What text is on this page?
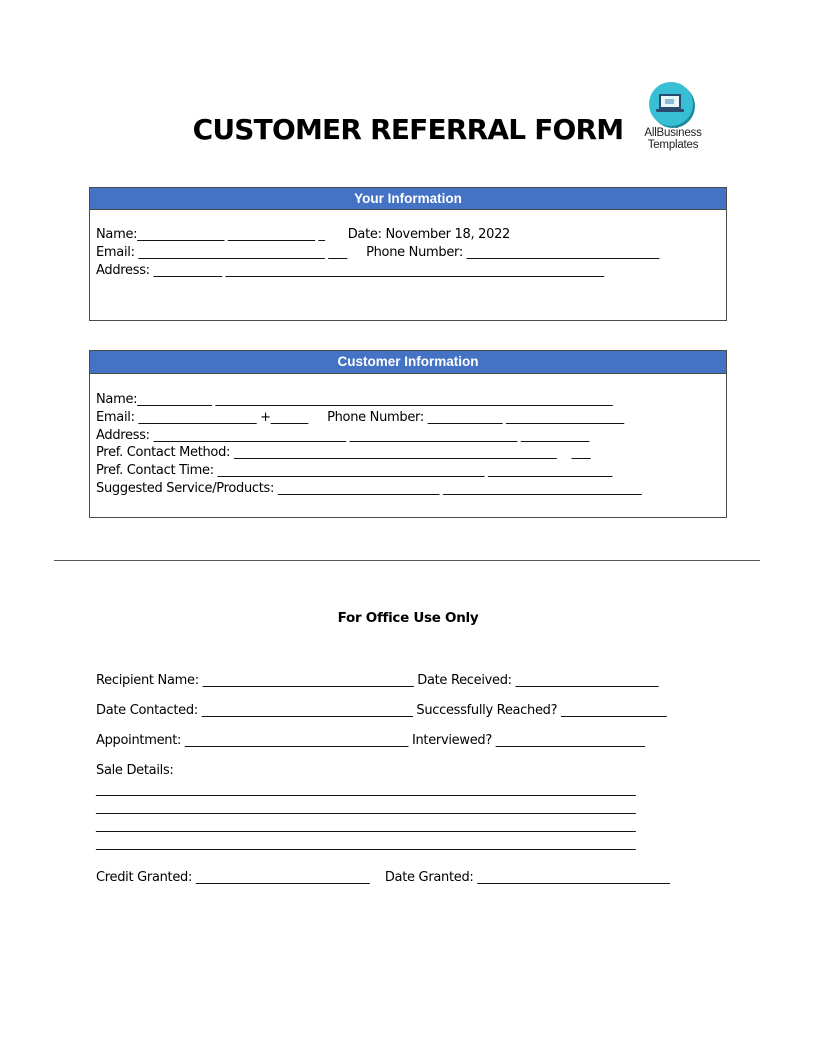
CUSTOMER REFERRAL FORM	AllBusiness Templates
Your Information
Name:______________ ______________ _      Date: November 18, 2022
Email: ______________________________ ___     Phone Number: _______________________________
Address: ___________ _____________________________________________________________
Customer Information
Name:____________ ________________________________________________________________
Email: ___________________ +______     Phone Number: ____________ ___________________
Address: _______________________________ ___________________________ ___________
Pref. Contact Method: ____________________________________________________    ___
Pref. Contact Time: ___________________________________________ ____________________
Suggested Service/Products: __________________________ ________________________________
For Office Use Only
Recipient Name: __________________________________ Date Received: _______________________
Date Contacted: __________________________________ Successfully Reached? _________________
Appointment: ____________________________________ Interviewed? ________________________
Sale Details:
_______________________________________________________________________________________
_______________________________________________________________________________________
_______________________________________________________________________________________
_______________________________________________________________________________________
Credit Granted: ____________________________    Date Granted: _______________________________
